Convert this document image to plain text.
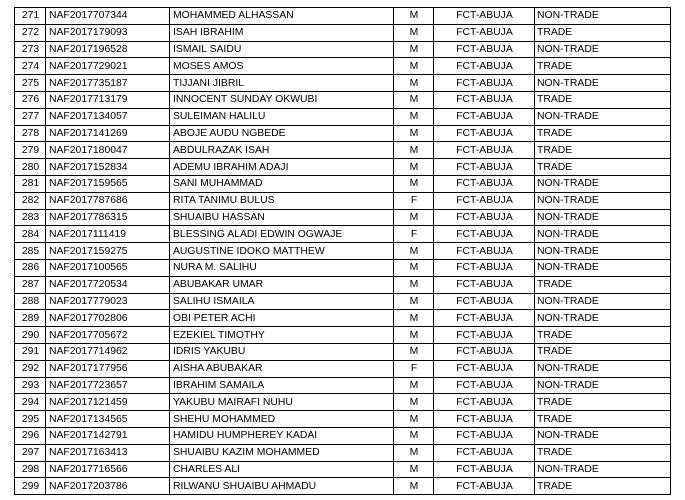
271	NAF2017707344	MOHAMMED ALHASSAN	M	FCT-ABUJA	NON-TRADE
272	NAF2017179093	ISAH IBRAHIM	M	FCT-ABUJA	TRADE
273	NAF2017196528	ISMAIL SAIDU	M	FCT-ABUJA	NON-TRADE
274	NAF2017729021	MOSES AMOS	M	FCT-ABUJA	TRADE
275	NAF2017735187	TIJJANI JIBRIL	M	FCT-ABUJA	NON-TRADE
276	NAF2017713179	INNOCENT SUNDAY OKWUBI	M	FCT-ABUJA	TRADE
277	NAF2017134057	SULEIMAN HALILU	M	FCT-ABUJA	NON-TRADE
278	NAF2017141269	ABOJE AUDU NGBEDE	M	FCT-ABUJA	TRADE
279	NAF2017180047	ABDULRAZAK ISAH	M	FCT-ABUJA	TRADE
280	NAF2017152834	ADEMU IBRAHIM ADAJI	M	FCT-ABUJA	TRADE
281	NAF2017159565	SANI MUHAMMAD	M	FCT-ABUJA	NON-TRADE
282	NAF2017787686	RITA TANIMU BULUS	F	FCT-ABUJA	NON-TRADE
283	NAF2017786315	SHUAIBU HASSAN	M	FCT-ABUJA	NON-TRADE
284	NAF2017111419	BLESSING ALADI EDWIN OGWAJE	F	FCT-ABUJA	NON-TRADE
285	NAF2017159275	AUGUSTINE IDOKO MATTHEW	M	FCT-ABUJA	NON-TRADE
286	NAF2017100565	NURA M. SALIHU	M	FCT-ABUJA	NON-TRADE
287	NAF2017720534	ABUBAKAR UMAR	M	FCT-ABUJA	TRADE
288	NAF2017779023	SALIHU ISMAILA	M	FCT-ABUJA	NON-TRADE
289	NAF2017702806	OBI PETER ACHI	M	FCT-ABUJA	NON-TRADE
290	NAF2017705672	EZEKIEL TIMOTHY	M	FCT-ABUJA	TRADE
291	NAF2017714962	IDRIS YAKUBU	M	FCT-ABUJA	TRADE
292	NAF2017177956	AISHA ABUBAKAR	F	FCT-ABUJA	NON-TRADE
293	NAF2017723657	IBRAHIM SAMAILA	M	FCT-ABUJA	NON-TRADE
294	NAF2017121459	YAKUBU MAIRAFI NUHU	M	FCT-ABUJA	TRADE
295	NAF2017134565	SHEHU MOHAMMED	M	FCT-ABUJA	TRADE
296	NAF2017142791	HAMIDU HUMPHEREY KADAI	M	FCT-ABUJA	NON-TRADE
297	NAF2017163413	SHUAIBU KAZIM MOHAMMED	M	FCT-ABUJA	TRADE
298	NAF2017716566	CHARLES ALI	M	FCT-ABUJA	NON-TRADE
299	NAF2017203786	RILWANU SHUAIBU AHMADU	M	FCT-ABUJA	TRADE
